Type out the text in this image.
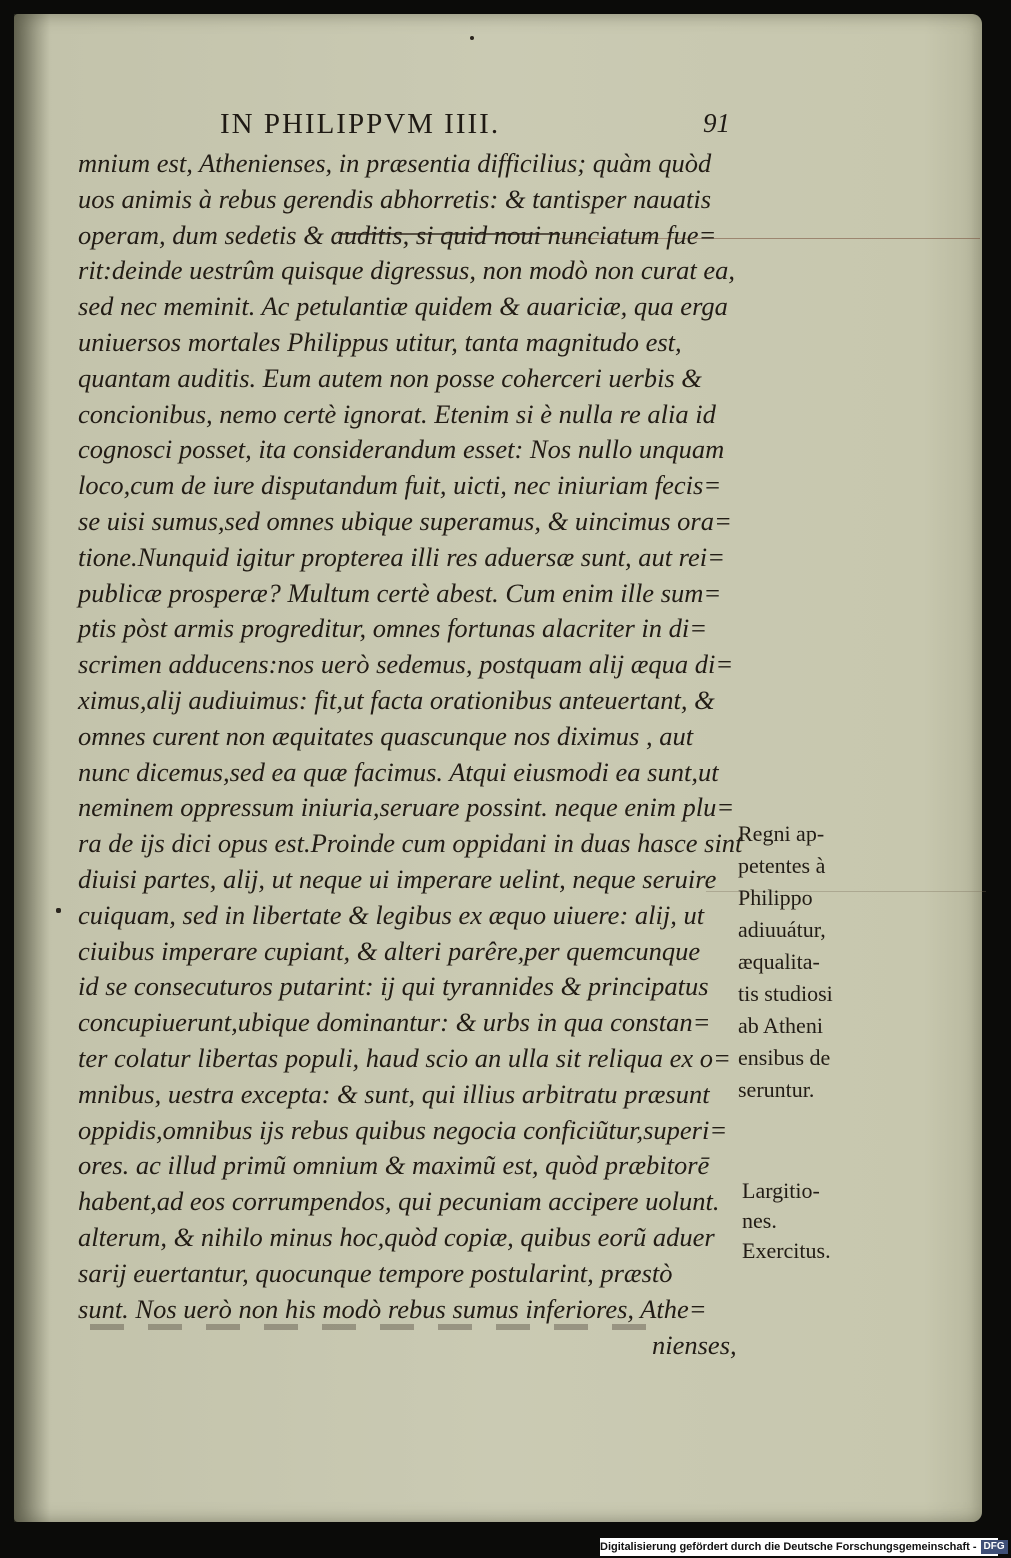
IN PHILIPPVM IIII.	91
mnium est, Athenienses, in præsentia difficilius; quàm quòd
uos animis à rebus gerendis abhorretis: & tantisper nauatis
operam, dum sedetis & auditis, si quid noui nunciatum fue=
rit:deinde uestrûm quisque digressus, non modò non curat ea,
sed nec meminit. Ac petulantiæ quidem & auariciæ, qua erga
uniuersos mortales Philippus utitur, tanta magnitudo est,
quantam auditis. Eum autem non posse coherceri uerbis &
concionibus, nemo certè ignorat. Etenim si è nulla re alia id
cognosci posset, ita considerandum esset: Nos nullo unquam
loco,cum de iure disputandum fuit, uicti, nec iniuriam fecis=
se uisi sumus,sed omnes ubique superamus, & uincimus ora=
tione.Nunquid igitur propterea illi res aduersæ sunt, aut rei=
publicæ prosperæ? Multum certè abest. Cum enim ille sum=
ptis pòst armis progreditur, omnes fortunas alacriter in di=
scrimen adducens:nos uerò sedemus, postquam alij æqua di=
ximus,alij audiuimus: fit,ut facta orationibus anteuertant, &
omnes curent non æquitates quascunque nos diximus , aut
nunc dicemus,sed ea quæ facimus. Atqui eiusmodi ea sunt,ut
neminem oppressum iniuria,seruare possint. neque enim plu=
ra de ijs dici opus est.Proinde cum oppidani in duas hasce sint
diuisi partes, alij, ut neque ui imperare uelint, neque seruire
cuiquam, sed in libertate & legibus ex æquo uiuere: alij, ut
ciuibus imperare cupiant, & alteri parêre,per quemcunque
id se consecuturos putarint: ij qui tyrannides & principatus
concupiuerunt,ubique dominantur: & urbs in qua constan=
ter colatur libertas populi, haud scio an ulla sit reliqua ex o=
mnibus, uestra excepta: & sunt, qui illius arbitratu præsunt
oppidis,omnibus ijs rebus quibus negocia conficiũtur,superi=
ores. ac illud primũ omnium & maximũ est, quòd præbitorē
habent,ad eos corrumpendos, qui pecuniam accipere uolunt.
alterum, & nihilo minus hoc,quòd copiæ, quibus eorũ aduer
sarij euertantur, quocunque tempore postularint, præstò
sunt. Nos uerò non his modò rebus sumus inferiores, Athe=
nienses,
Regni ap-
petentes à
Philippo
adiuuátur,
æqualita-
tis studiosi
ab Atheni
ensibus de
seruntur.
Largitio-
nes.
Exercitus.
Digitalisierung gefördert durch die Deutsche Forschungsgemeinschaft - DFG
